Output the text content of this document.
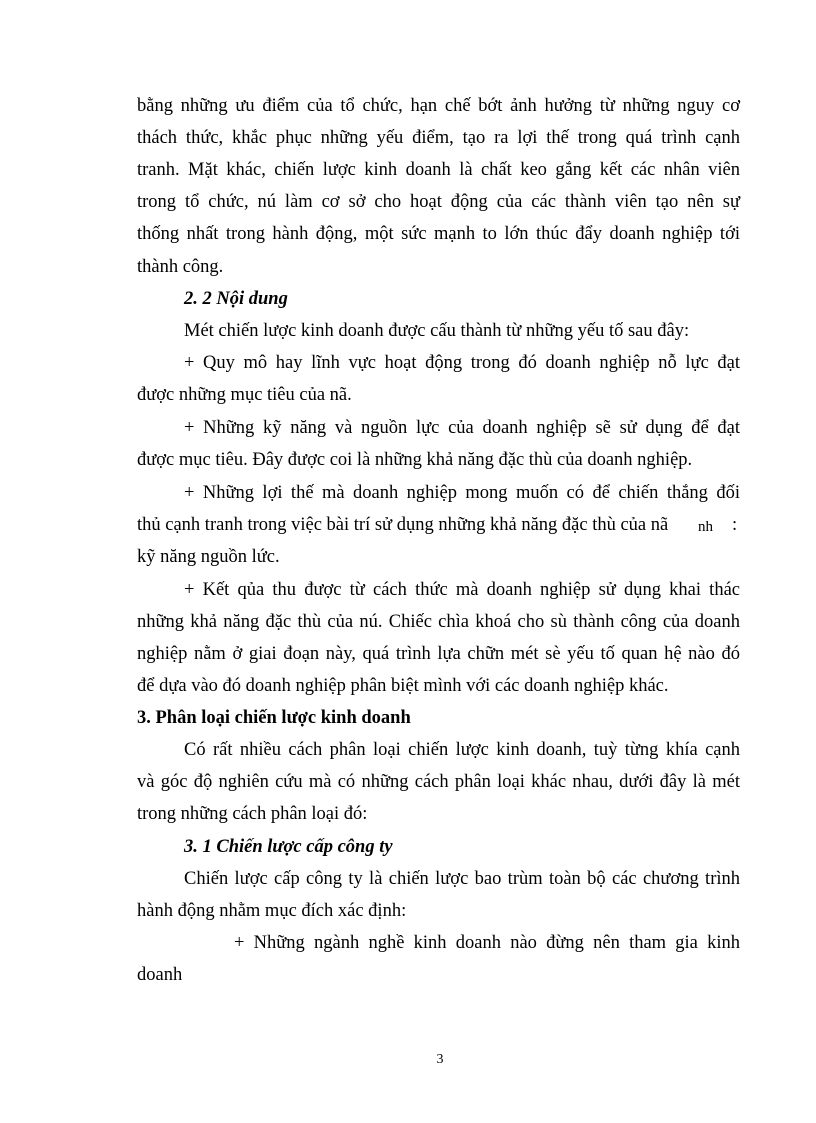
bằng những ưu điểm của tổ chức, hạn chế bớt ảnh hưởng từ những nguy cơ
thách thức, khắc phục những yếu điểm, tạo ra lợi thế trong quá trình cạnh
tranh. Mặt khác, chiến lược kinh doanh là chất keo gắng kết các nhân viên
trong tổ chức, nú làm cơ sở cho hoạt động của các thành viên tạo nên sự
thống nhất trong hành động, một sức mạnh to lớn thúc đẩy doanh nghiệp tới
thành công.
2. 2 Nội dung
Mét chiến lược kinh doanh được cấu thành từ những yếu tố sau đây:
+ Quy mô hay lĩnh vực hoạt động trong đó doanh nghiệp nỗ lực đạt
được những mục tiêu của nã.
+ Những kỹ năng và nguồn lực của doanh nghiệp sẽ sử dụng để đạt
được mục tiêu. Đây được coi là những khả năng đặc thù của doanh nghiệp.
+ Những lợi thế mà doanh nghiệp mong muốn có để chiến thắng đối
thủ cạnh tranh trong việc bài trí sử dụng những khả năng đặc thù của nã nh :
kỹ năng nguồn lức.
+ Kết qủa thu được từ cách thức mà doanh nghiệp sử dụng khai thác
những khả năng đặc thù của nú. Chiếc chìa khoá cho sù thành công của doanh
nghiệp nằm ở giai đoạn này, quá trình lựa chữn mét sè yếu tố quan hệ nào đó
để dựa vào đó doanh nghiệp phân biệt mình với các doanh nghiệp khác.
3. Phân loại chiến lược kinh doanh
Có rất nhiều cách phân loại chiến lược kinh doanh, tuỳ từng khía cạnh
và góc độ nghiên cứu mà có những cách phân loại khác nhau, dưới đây là mét
trong những cách phân loại đó:
3. 1 Chiến lược cấp công ty
Chiến lược cấp công ty là chiến lược bao trùm toàn bộ các chương trình
hành động nhằm mục đích xác định:
+ Những ngành nghề kinh doanh nào đừng nên tham gia kinh
doanh
3
